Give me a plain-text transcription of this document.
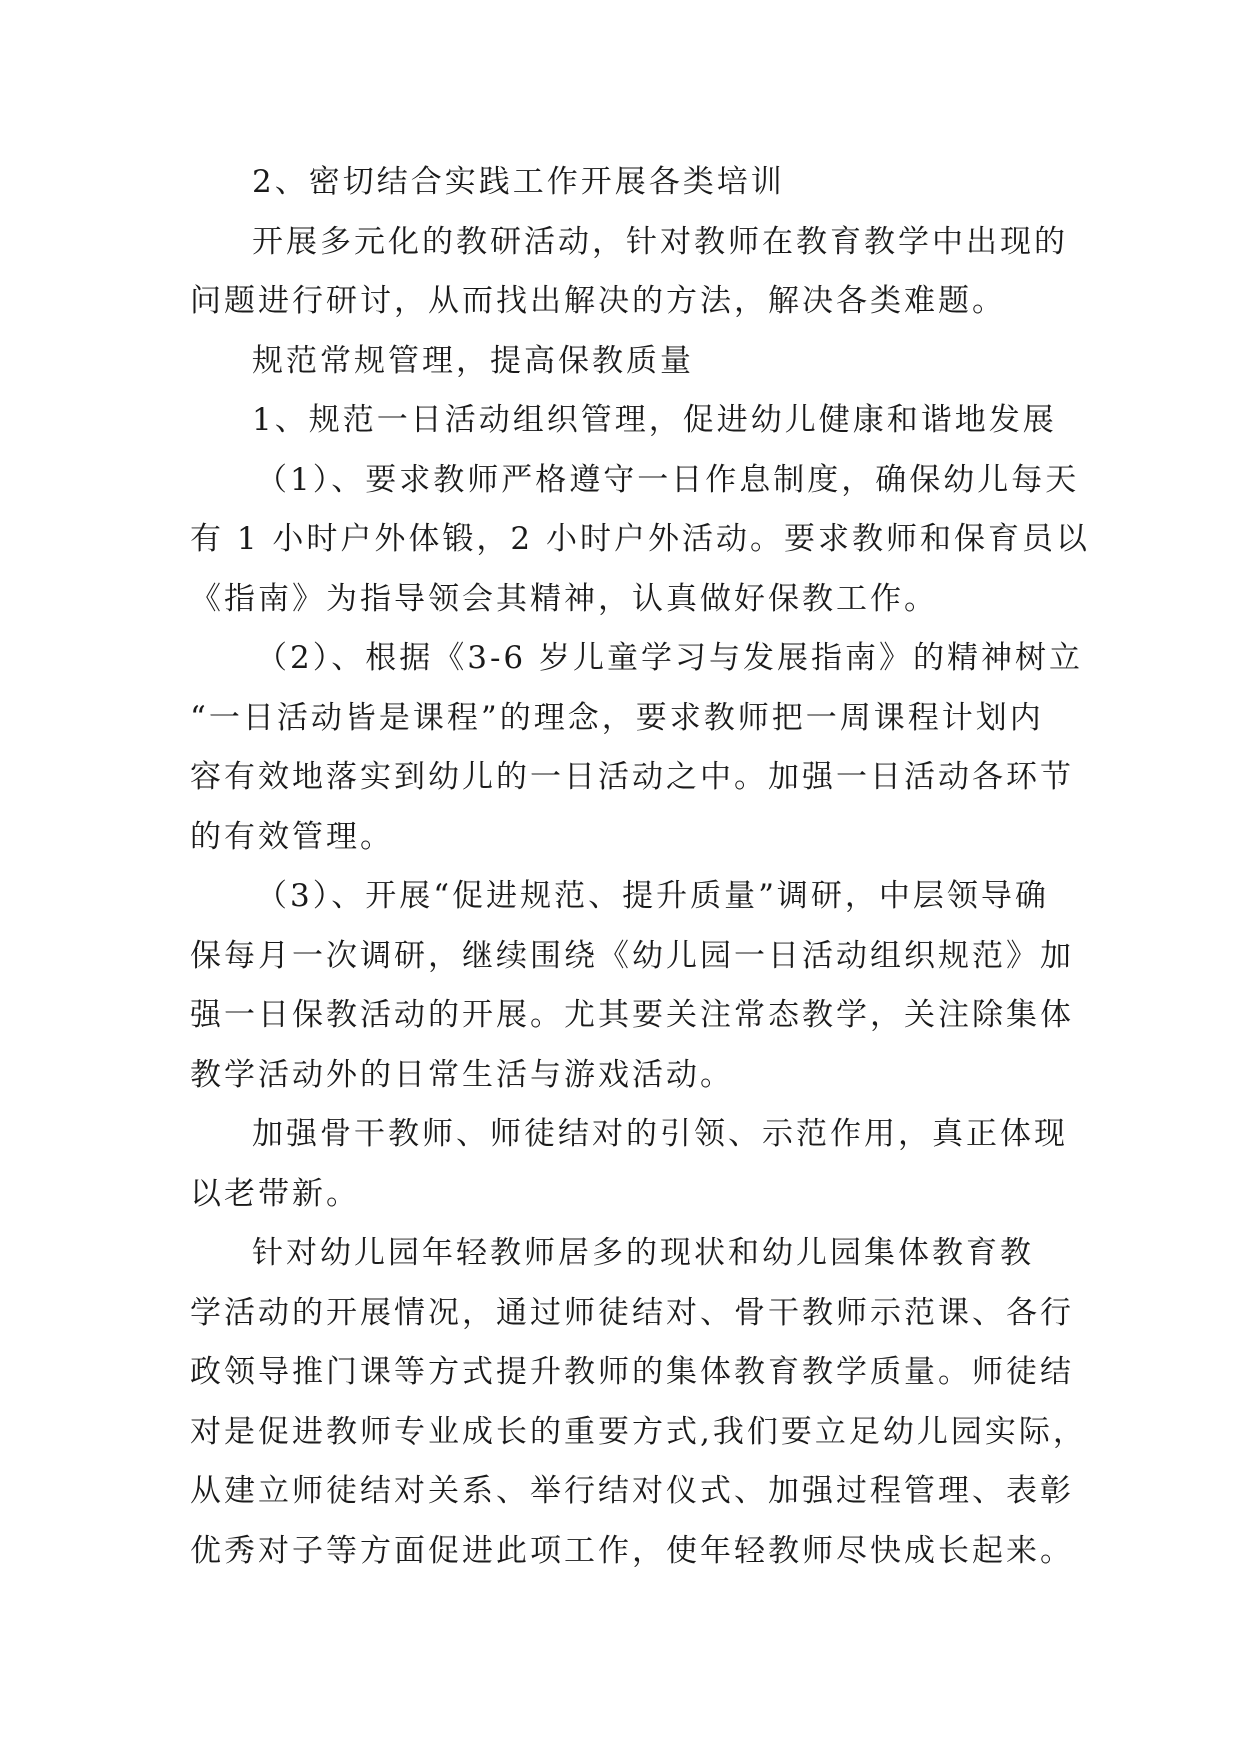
2、密切结合实践工作开展各类培训
开展多元化的教研活动，针对教师在教育教学中出现的
问题进行研讨，从而找出解决的方法，解决各类难题。
规范常规管理，提高保教质量
1、规范一日活动组织管理，促进幼儿健康和谐地发展
（1）、要求教师严格遵守一日作息制度，确保幼儿每天
有 1 小时户外体锻，2 小时户外活动。要求教师和保育员以
《指南》为指导领会其精神，认真做好保教工作。
（2）、根据《3-6 岁儿童学习与发展指南》的精神树立
“一日活动皆是课程”的理念，要求教师把一周课程计划内
容有效地落实到幼儿的一日活动之中。加强一日活动各环节
的有效管理。
（3）、开展“促进规范、提升质量”调研，中层领导确
保每月一次调研，继续围绕《幼儿园一日活动组织规范》加
强一日保教活动的开展。尤其要关注常态教学，关注除集体
教学活动外的日常生活与游戏活动。
加强骨干教师、师徒结对的引领、示范作用，真正体现
以老带新。
针对幼儿园年轻教师居多的现状和幼儿园集体教育教
学活动的开展情况，通过师徒结对、骨干教师示范课、各行
政领导推门课等方式提升教师的集体教育教学质量。师徒结
对是促进教师专业成长的重要方式,我们要立足幼儿园实际，
从建立师徒结对关系、举行结对仪式、加强过程管理、表彰
优秀对子等方面促进此项工作，使年轻教师尽快成长起来。
